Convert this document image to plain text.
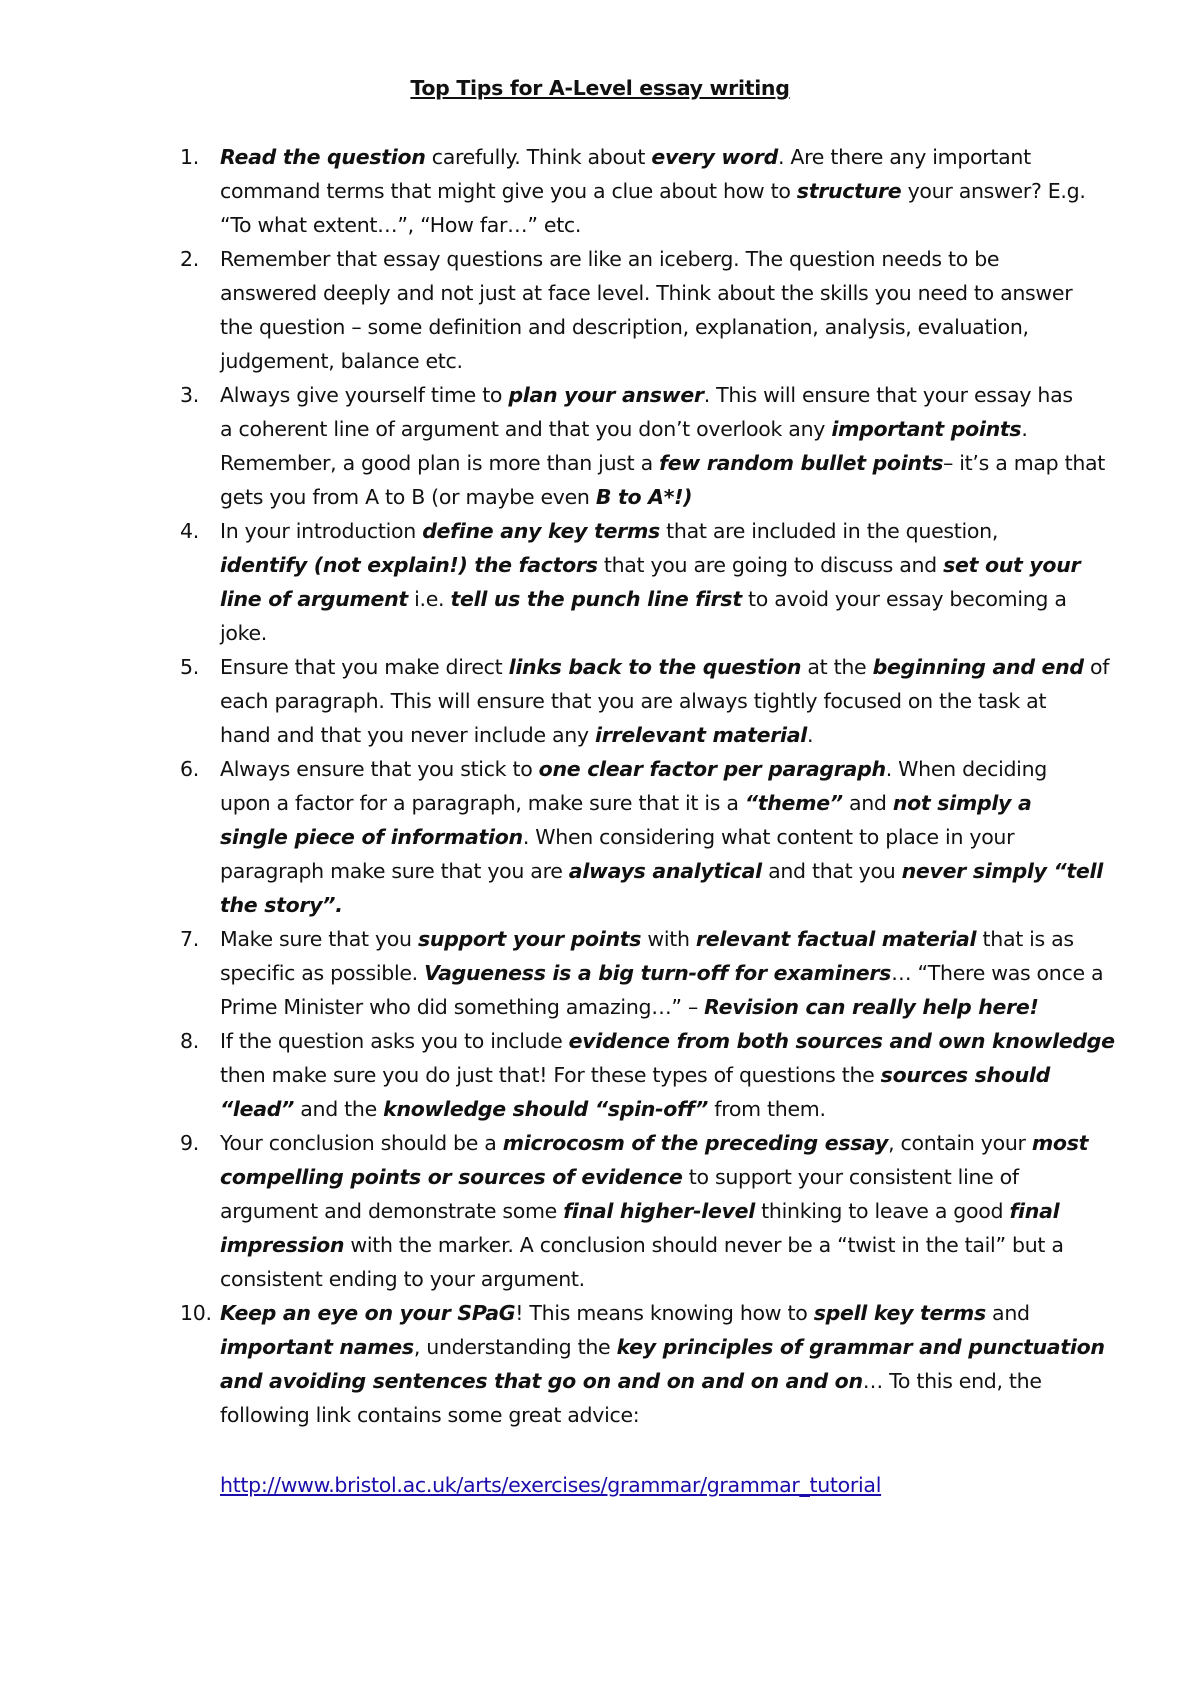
Top Tips for A-Level essay writing
1.	Read the question carefully. Think about every word. Are there any important
command terms that might give you a clue about how to structure your answer? E.g.
“To what extent…”, “How far…” etc.
2.	Remember that essay questions are like an iceberg. The question needs to be
answered deeply and not just at face level. Think about the skills you need to answer
the question – some definition and description, explanation, analysis, evaluation,
judgement, balance etc.
3.	Always give yourself time to plan your answer. This will ensure that your essay has
a coherent line of argument and that you don’t overlook any important points.
Remember, a good plan is more than just a few random bullet points– it’s a map that
gets you from A to B (or maybe even B to A*!)
4.	In your introduction define any key terms that are included in the question,
identify (not explain!) the factors that you are going to discuss and set out your
line of argument i.e. tell us the punch line first to avoid your essay becoming a
joke.
5.	Ensure that you make direct links back to the question at the beginning and end of
each paragraph. This will ensure that you are always tightly focused on the task at
hand and that you never include any irrelevant material.
6.	Always ensure that you stick to one clear factor per paragraph. When deciding
upon a factor for a paragraph, make sure that it is a “theme” and not simply a
single piece of information. When considering what content to place in your
paragraph make sure that you are always analytical and that you never simply “tell
the story”.
7.	Make sure that you support your points with relevant factual material that is as
specific as possible. Vagueness is a big turn-off for examiners… “There was once a
Prime Minister who did something amazing…” – Revision can really help here!
8.	If the question asks you to include evidence from both sources and own knowledge
then make sure you do just that! For these types of questions the sources should
“lead” and the knowledge should “spin-off” from them.
9.	Your conclusion should be a microcosm of the preceding essay, contain your most
compelling points or sources of evidence to support your consistent line of
argument and demonstrate some final higher-level thinking to leave a good final
impression with the marker. A conclusion should never be a “twist in the tail” but a
consistent ending to your argument.
10. Keep an eye on your SPaG! This means knowing how to spell key terms and
important names, understanding the key principles of grammar and punctuation
and avoiding sentences that go on and on and on and on… To this end, the
following link contains some great advice:
http://www.bristol.ac.uk/arts/exercises/grammar/grammar_tutorial
